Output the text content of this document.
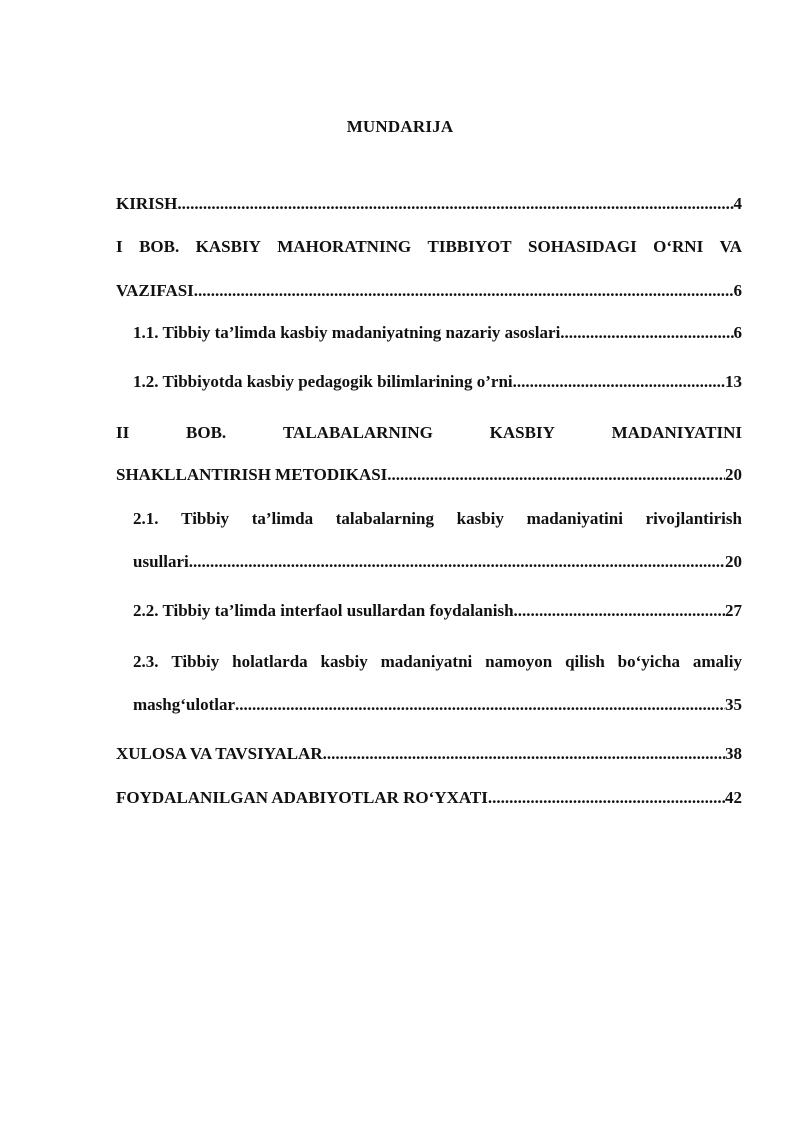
MUNDARIJA
KIRISH .....	4
I BOB. KASBIY MAHORATNING TIBBIYOT SOHASIDAGI O‘RNI VA
VAZIFASI .....	6
1.1. Tibbiy ta’limda kasbiy madaniyatning nazariy asoslari .....	6
1.2. Tibbiyotda kasbiy pedagogik bilimlarining o’rni .....	13
II	BOB.	TALABALARNING	KASBIY	MADANIYATINI
SHAKLLANTIRISH METODIKASI .....	20
2.1. Tibbiy ta’limda talabalarning kasbiy madaniyatini rivojlantirish
usullari .....	20
2.2. Tibbiy ta’limda interfaol usullardan foydalanish .....	27
2.3. Tibbiy holatlarda kasbiy madaniyatni namoyon qilish bo‘yicha amaliy
mashg‘ulotlar .....	35
XULOSA VA TAVSIYALAR .....	38
FOYDALANILGAN ADABIYOTLAR RO‘YXATI .....	42
